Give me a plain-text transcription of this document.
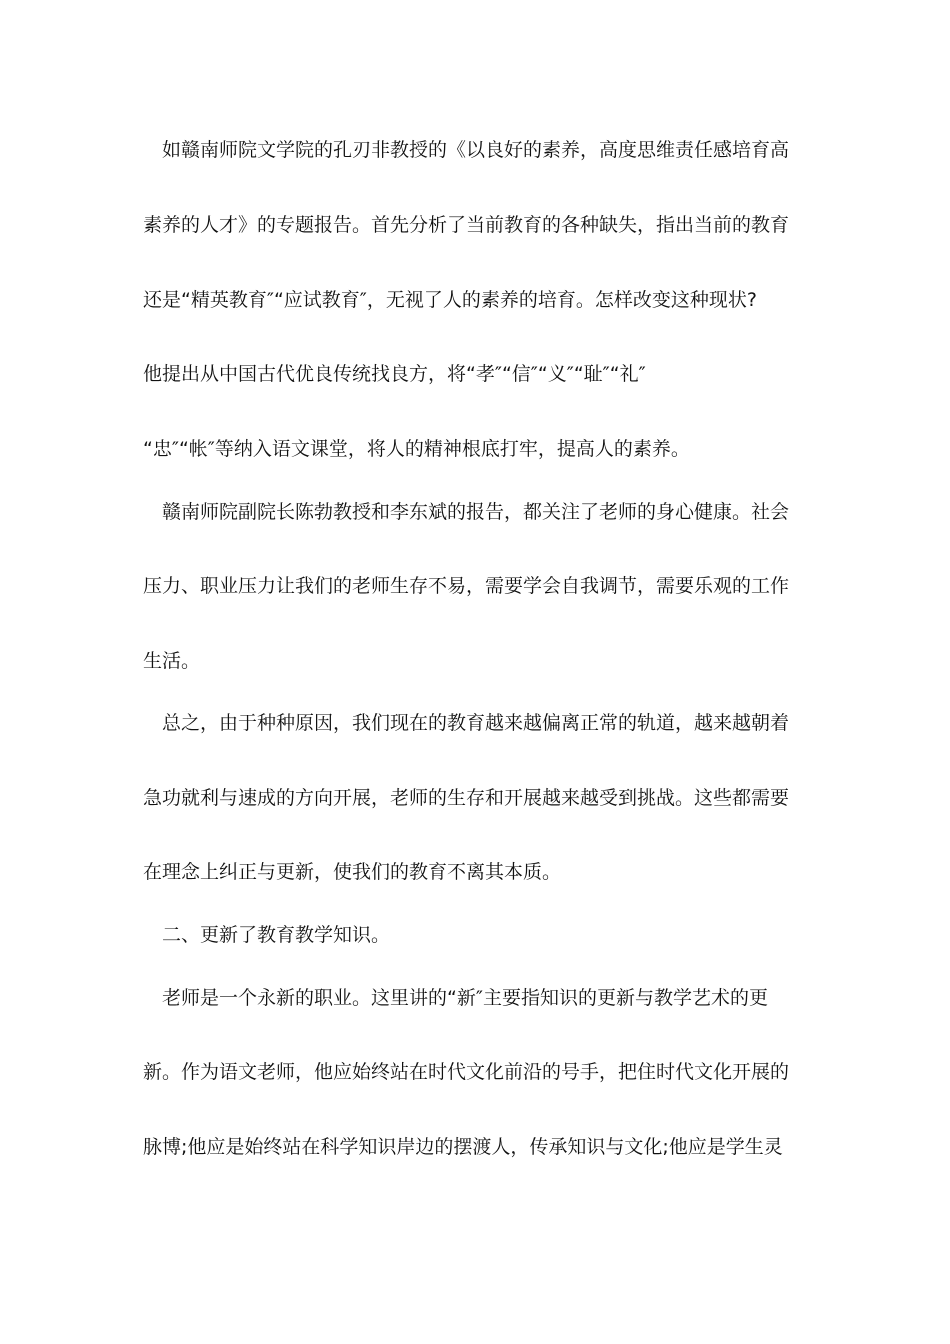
　如赣南师院文学院的孔刃非教授的《以良好的素养，高度思维责任感培育高
素养的人才》的专题报告。首先分析了当前教育的各种缺失，指出当前的教育
还是“精英教育″“应试教育″，无视了人的素养的培育。怎样改变这种现状?
他提出从中国古代优良传统找良方，将“孝″“信″“义″“耻″“礼″
“忠″“帐″等纳入语文课堂，将人的精神根底打牢，提高人的素养。
　赣南师院副院长陈勃教授和李东斌的报告，都关注了老师的身心健康。社会
压力、职业压力让我们的老师生存不易，需要学会自我调节，需要乐观的工作
生活。
　总之，由于种种原因，我们现在的教育越来越偏离正常的轨道，越来越朝着
急功就利与速成的方向开展，老师的生存和开展越来越受到挑战。这些都需要
在理念上纠正与更新，使我们的教育不离其本质。
　二、更新了教育教学知识。
　老师是一个永新的职业。这里讲的“新″主要指知识的更新与教学艺术的更
新。作为语文老师，他应始终站在时代文化前沿的号手，把住时代文化开展的
脉博;他应是始终站在科学知识岸边的摆渡人，传承知识与文化;他应是学生灵
